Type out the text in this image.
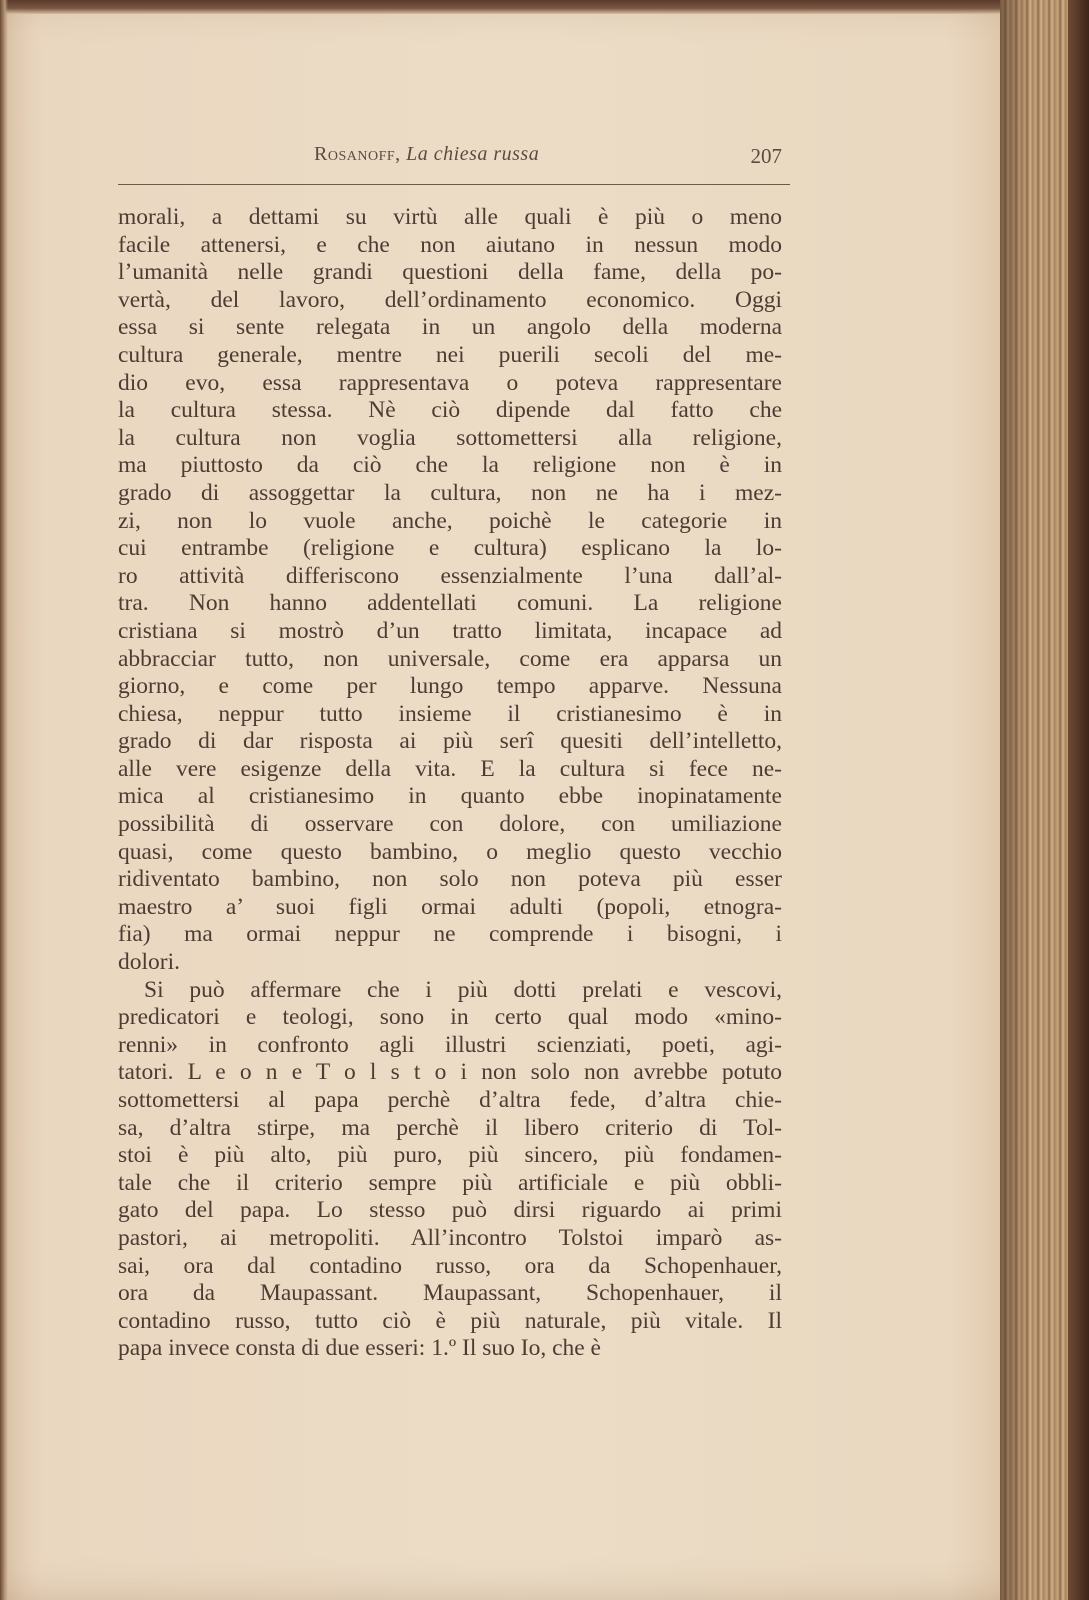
Rosanoff, La chiesa russa	207
morali, a dettami su virtù alle quali è più o meno
facile attenersi, e che non aiutano in nessun modo
l’umanità nelle grandi questioni della fame, della po-
vertà, del lavoro, dell’ordinamento economico. Oggi
essa si sente relegata in un angolo della moderna
cultura generale, mentre nei puerili secoli del me-
dio evo, essa rappresentava o poteva rappresentare
la cultura stessa. Nè ciò dipende dal fatto che
la cultura non voglia sottomettersi alla religione,
ma piuttosto da ciò che la religione non è in
grado di assoggettar la cultura, non ne ha i mez-
zi, non lo vuole anche, poichè le categorie in
cui entrambe (religione e cultura) esplicano la lo-
ro attività differiscono essenzialmente l’una dall’al-
tra. Non hanno addentellati comuni. La religione
cristiana si mostrò d’un tratto limitata, incapace ad
abbracciar tutto, non universale, come era apparsa un
giorno, e come per lungo tempo apparve. Nessuna
chiesa, neppur tutto insieme il cristianesimo è in
grado di dar risposta ai più serî quesiti dell’intelletto,
alle vere esigenze della vita. E la cultura si fece ne-
mica al cristianesimo in quanto ebbe inopinatamente
possibilità di osservare con dolore, con umiliazione
quasi, come questo bambino, o meglio questo vecchio
ridiventato bambino, non solo non poteva più esser
maestro a’ suoi figli ormai adulti (popoli, etnogra-
fia) ma ormai neppur ne comprende i bisogni, i
dolori.
Si può affermare che i più dotti prelati e vescovi,
predicatori e teologi, sono in certo qual modo «mino-
renni» in confronto agli illustri scienziati, poeti, agi-
tatori. L e o n e T o l s t o i non solo non avrebbe potuto
sottomettersi al papa perchè d’altra fede, d’altra chie-
sa, d’altra stirpe, ma perchè il libero criterio di Tol-
stoi è più alto, più puro, più sincero, più fondamen-
tale che il criterio sempre più artificiale e più obbli-
gato del papa. Lo stesso può dirsi riguardo ai primi
pastori, ai metropoliti. All’incontro Tolstoi imparò as-
sai, ora dal contadino russo, ora da Schopenhauer,
ora da Maupassant. Maupassant, Schopenhauer, il
contadino russo, tutto ciò è più naturale, più vitale. Il
papa invece consta di due esseri: 1.º Il suo Io, che è
